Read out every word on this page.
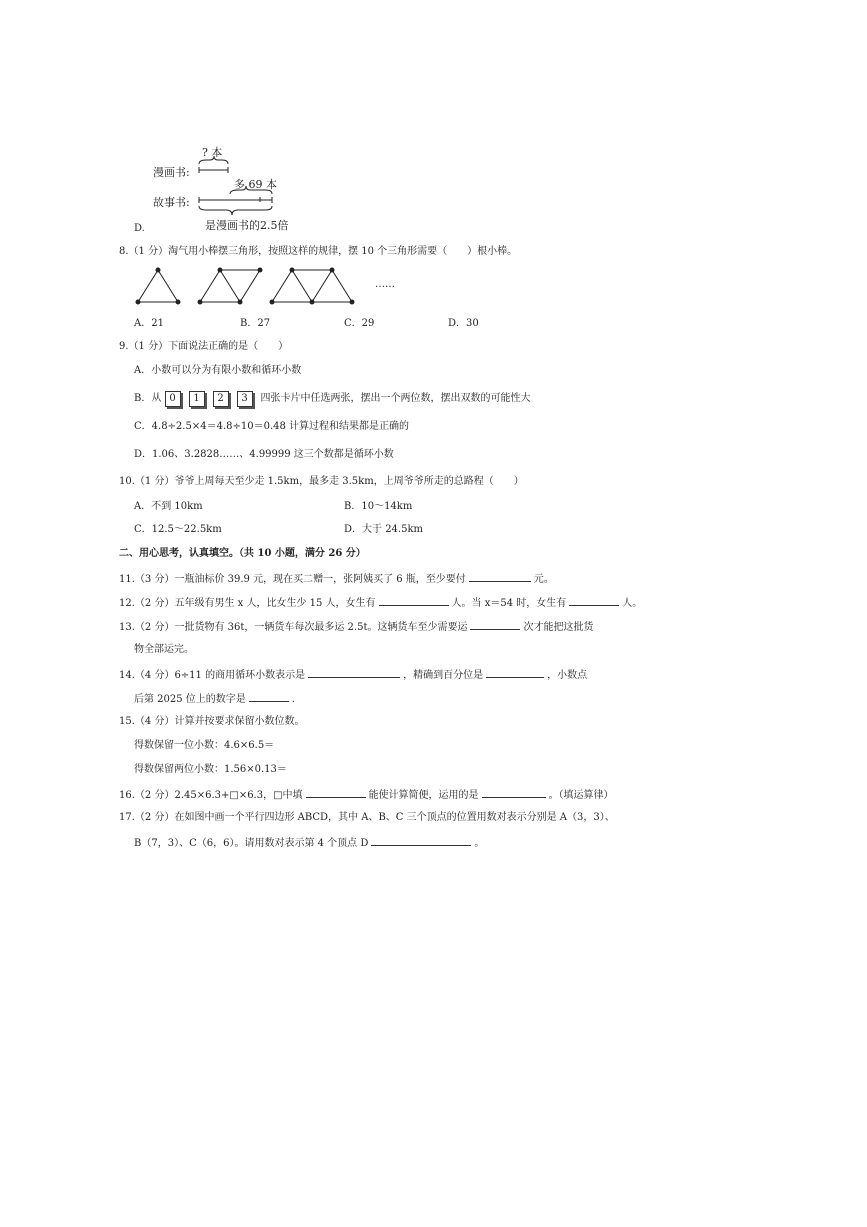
? 本
漫画书:
多 69 本
故事书:
是漫画书的2.5倍
D.
8.（1 分）淘气用小棒摆三角形，按照这样的规律，摆 10 个三角形需要（　　）根小棒。
……
A．21	B．27	C．29	D．30
9.（1 分）下面说法正确的是（　　）
A．小数可以分为有限小数和循环小数
B．从 0 1 2 3 四张卡片中任选两张，摆出一个两位数，摆出双数的可能性大
C．4.8÷2.5×4＝4.8÷10＝0.48 计算过程和结果都是正确的
D．1.06、3.2828……、4.99999 这三个数都是循环小数
10.（1 分）爷爷上周每天至少走 1.5km，最多走 3.5km，上周爷爷所走的总路程（　　）
A．不到 10km	B．10～14km
C．12.5～22.5km	D．大于 24.5km
二、用心思考，认真填空。（共 10 小题，满分 26 分）
11.（3 分）一瓶油标价 39.9 元，现在买二赠一，张阿姨买了 6 瓶，至少要付	元。
12.（2 分）五年级有男生 x 人，比女生少 15 人，女生有	人。当 x＝54 时，女生有	人。
13.（2 分）一批货物有 36t，一辆货车每次最多运 2.5t。这辆货车至少需要运	次才能把这批货
物全部运完。
14.（4 分）6÷11 的商用循环小数表示是	，精确到百分位是	，小数点
后第 2025 位上的数字是	．
15.（4 分）计算并按要求保留小数位数。
得数保留一位小数：4.6×6.5＝
得数保留两位小数：1.56×0.13＝
16.（2 分）2.45×6.3+□×6.3，□中填	能使计算简便，运用的是	。（填运算律）
17.（2 分）在如图中画一个平行四边形 ABCD，其中 A、B、C 三个顶点的位置用数对表示分别是 A（3，3）、
B（7，3）、C（6，6）。请用数对表示第 4 个顶点 D	。
